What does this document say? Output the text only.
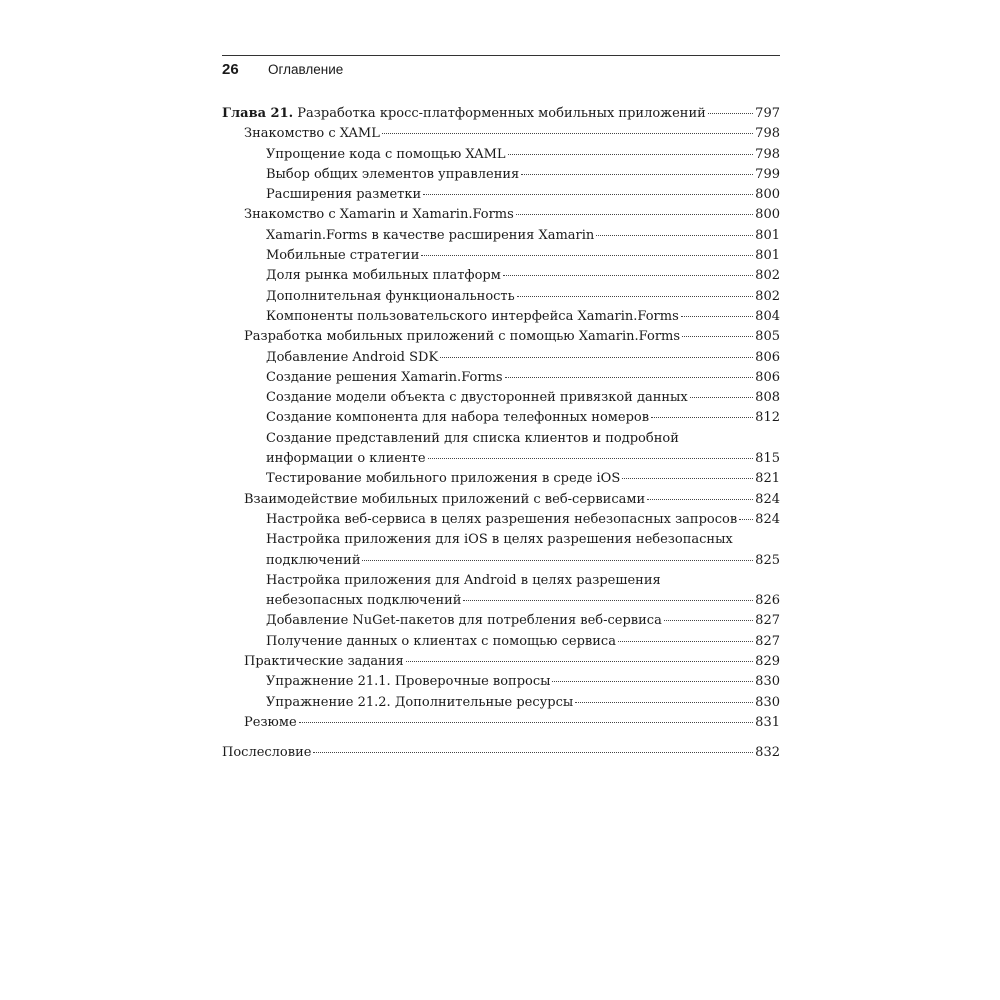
26 Оглавление
Глава 21. Разработка кросс-платформенных мобильных приложений	797
Знакомство с XAML	798
Упрощение кода с помощью XAML	798
Выбор общих элементов управления	799
Расширения разметки	800
Знакомство с Xamarin и Xamarin.Forms	800
Xamarin.Forms в качестве расширения Xamarin	801
Мобильные стратегии	801
Доля рынка мобильных платформ	802
Дополнительная функциональность	802
Компоненты пользовательского интерфейса Xamarin.Forms	804
Разработка мобильных приложений с помощью Xamarin.Forms	805
Добавление Android SDK	806
Создание решения Xamarin.Forms	806
Создание модели объекта с двусторонней привязкой данных	808
Создание компонента для набора телефонных номеров	812
Создание представлений для списка клиентов и подробной
информации о клиенте	815
Тестирование мобильного приложения в среде iOS	821
Взаимодействие мобильных приложений с веб-сервисами	824
Настройка веб-сервиса в целях разрешения небезопасных запросов 824
Настройка приложения для iOS в целях разрешения небезопасных
подключений	825
Настройка приложения для Android в целях разрешения
небезопасных подключений	826
Добавление NuGet-пакетов для потребления веб-сервиса	827
Получение данных о клиентах с помощью сервиса	827
Практические задания	829
Упражнение 21.1. Проверочные вопросы	830
Упражнение 21.2. Дополнительные ресурсы	830
Резюме	831
Послесловие	832
